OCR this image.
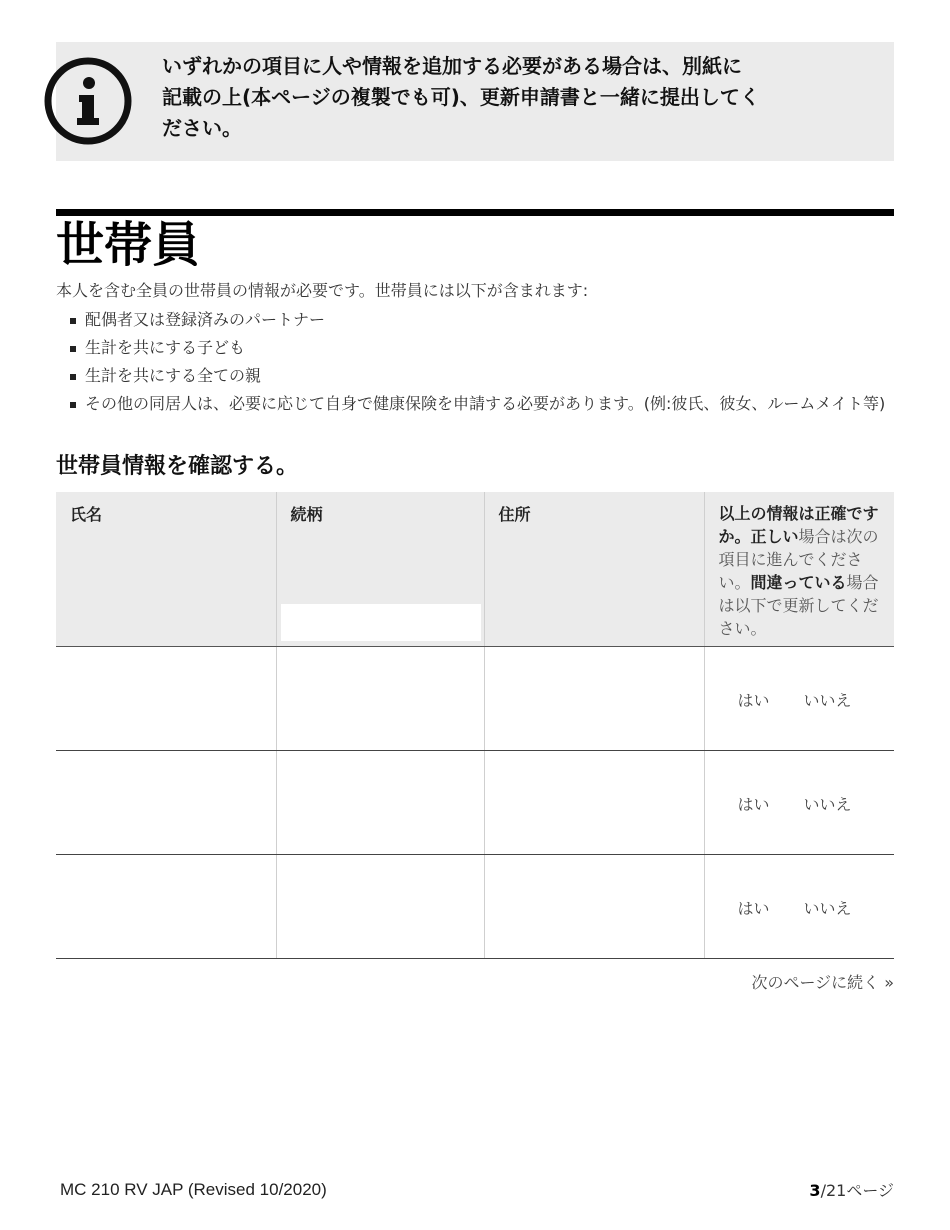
いずれかの項目に人や情報を追加する必要がある場合は、別紙に
記載の上(本ページの複製でも可)、更新申請書と一緒に提出してく
ださい。
世帯員
本人を含む全員の世帯員の情報が必要です。世帯員には以下が含まれます:
配偶者又は登録済みのパートナー
生計を共にする子ども
生計を共にする全ての親
その他の同居人は、必要に応じて自身で健康保険を申請する必要があります。(例:彼氏、彼女、ルームメイト等)
世帯員情報を確認する。
氏名	続柄	住所	以上の情報は正確ですか。正しい場合は次の項目に進んでください。間違っている場合は以下で更新してください。

			はい いいえ

			はい いいえ

			はい いいえ
次のページに続く »
MC 210 RV JAP (Revised 10/2020)	3/21ページ
